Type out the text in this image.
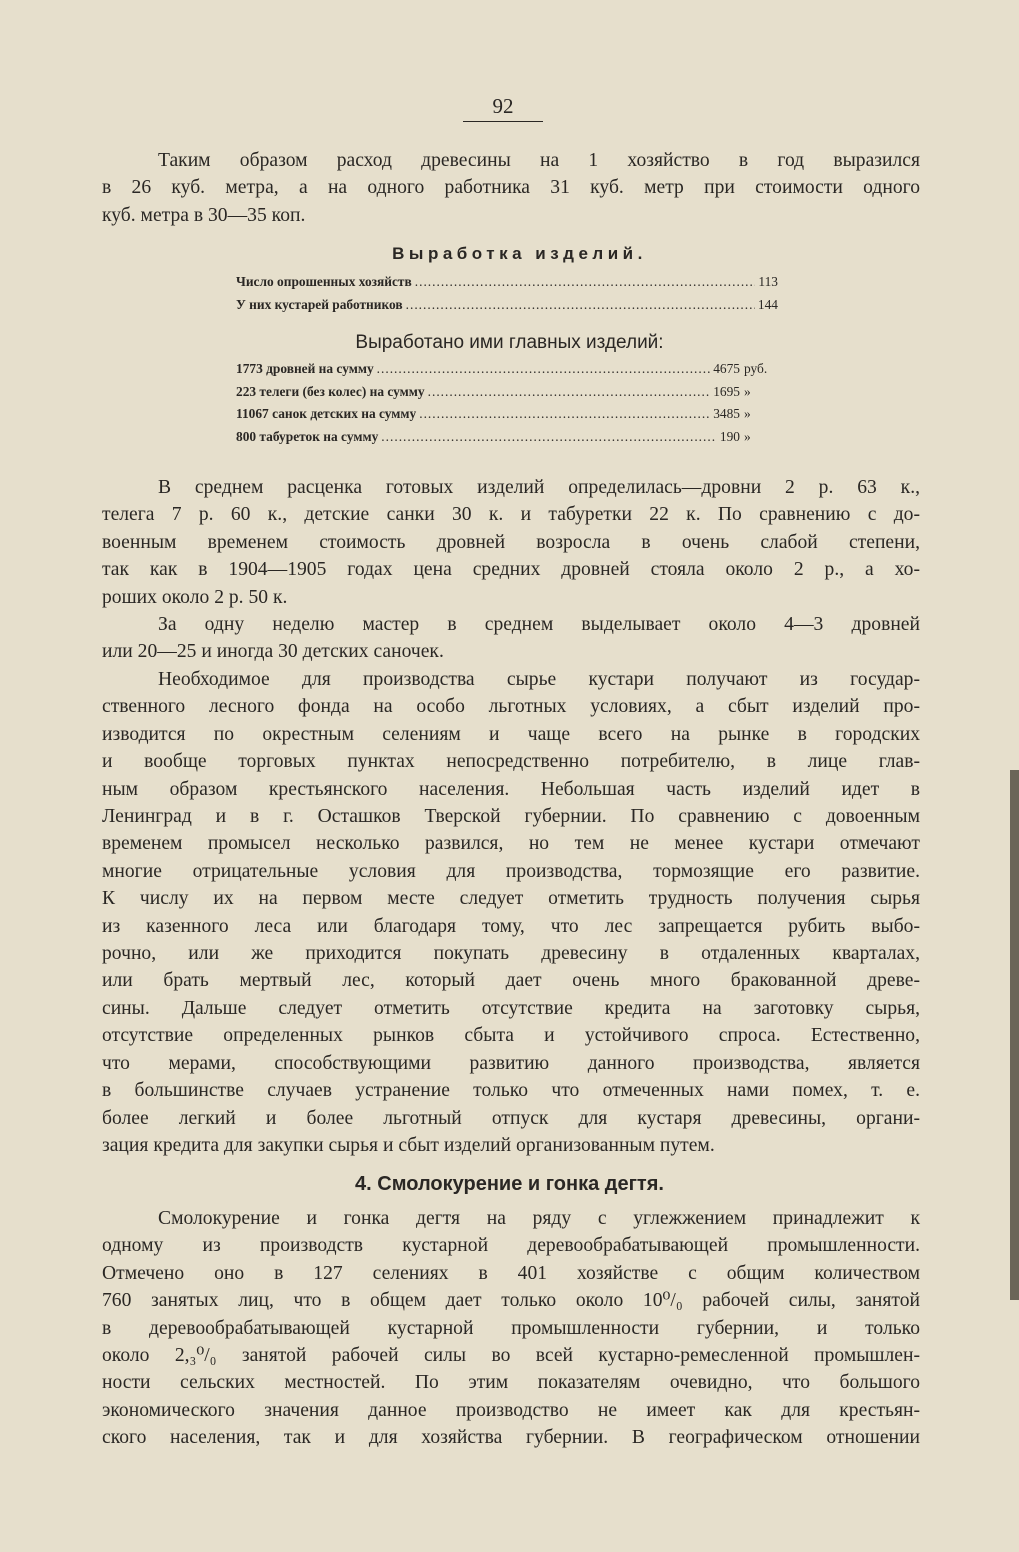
92

Таким образом расход древесины на 1 хозяйство в год выразился
в 26 куб. метра, а на одного работника 31 куб. метр при стоимости одного
куб. метра в 30—35 коп.

Выработка изделий.
Число опрошенных хозяйств .....	113
У них кустарей работников .....	144
Выработано ими главных изделий:
1773 дровней на сумму .....	4675 руб.
223 телеги (без колес) на сумму .....	1695 »
11067 санок детских на сумму .....	3485 »
800 табуреток на сумму .....	190 »

В среднем расценка готовых изделий определилась—дровни 2 р. 63 к.,
телега 7 р. 60 к., детские санки 30 к. и табуретки 22 к. По сравнению с до-
военным временем стоимость дровней возросла в очень слабой степени,
так как в 1904—1905 годах цена средних дровней стояла около 2 р., а хо-
роших около 2 р. 50 к.

За одну неделю мастер в среднем выделывает около 4—3 дровней
или 20—25 и иногда 30 детских саночек.

Необходимое для производства сырье кустари получают из государ-
ственного лесного фонда на особо льготных условиях, а сбыт изделий про-
изводится по окрестным селениям и чаще всего на рынке в городских
и вообще торговых пунктах непосредственно потребителю, в лице глав-
ным образом крестьянского населения. Небольшая часть изделий идет в
Ленинград и в г. Осташков Тверской губернии. По сравнению с довоенным
временем промысел несколько развился, но тем не менее кустари отмечают
многие отрицательные условия для производства, тормозящие его развитие.
К числу их на первом месте следует отметить трудность получения сырья
из казенного леса или благодаря тому, что лес запрещается рубить выбо-
рочно, или же приходится покупать древесину в отдаленных кварталах,
или брать мертвый лес, который дает очень много бракованной древе-
сины. Дальше следует отметить отсутствие кредита на заготовку сырья,
отсутствие определенных рынков сбыта и устойчивого спроса. Естественно,
что мерами, способствующими развитию данного производства, является
в большинстве случаев устранение только что отмеченных нами помех, т. е.
более легкий и более льготный отпуск для кустаря древесины, органи-
зация кредита для закупки сырья и сбыт изделий организованным путем.

4. Смолокурение и гонка дегтя.

Смолокурение и гонка дегтя на ряду с углежжением принадлежит к
одному из производств кустарной деревообрабатывающей промышленности.
Отмечено оно в 127 селениях в 401 хозяйстве с общим количеством
760 занятых лиц, что в общем дает только около 10⁰/₀ рабочей силы, занятой
в деревообрабатывающей кустарной промышленности губернии, и только
около 2,₃⁰/₀ занятой рабочей силы во всей кустарно-ремесленной промышлен-
ности сельских местностей. По этим показателям очевидно, что большого
экономического значения данное производство не имеет как для крестьян-
ского населения, так и для хозяйства губернии. В географическом отношении
